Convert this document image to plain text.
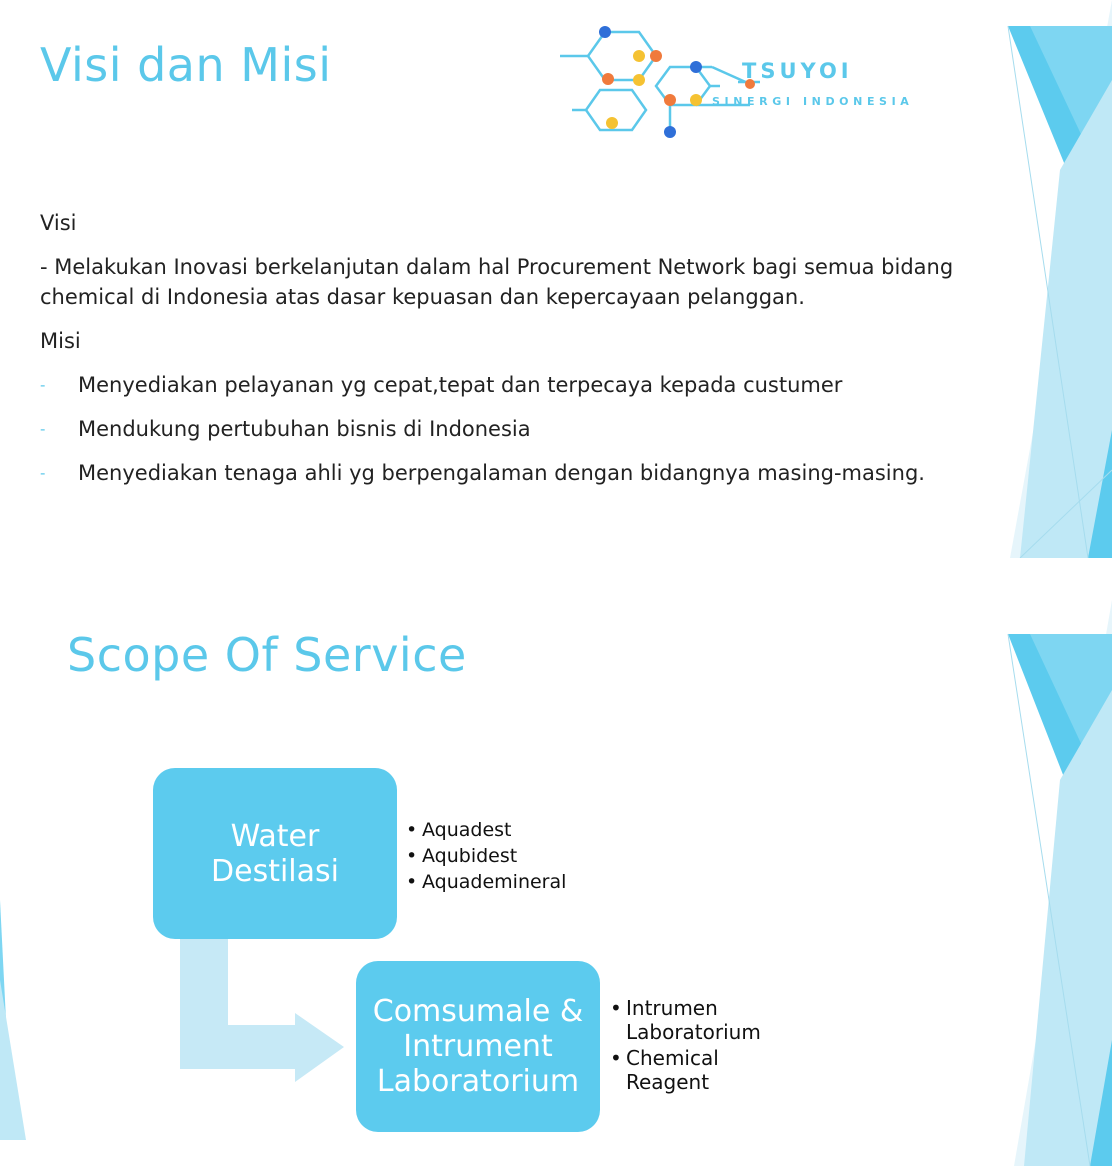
Visi dan Misi	TSUYOI
SINERGI INDONESIA

Visi

- Melakukan Inovasi berkelanjutan dalam hal Procurement Network bagi semua bidang chemical di Indonesia atas dasar kepuasan dan kepercayaan pelanggan.

Misi

- Menyediakan pelayanan yg cepat,tepat dan terpecaya kepada custumer
- Mendukung pertubuhan bisnis di Indonesia
- Menyediakan tenaga ahli yg berpengalaman dengan bidangnya masing-masing.
Scope Of Service
Water
Destilasi
• Aquadest
• Aqubidest
• Aquademineral
Comsumale &
Intrument
Laboratorium
• Intrumen
Laboratorium
• Chemical
Reagent
